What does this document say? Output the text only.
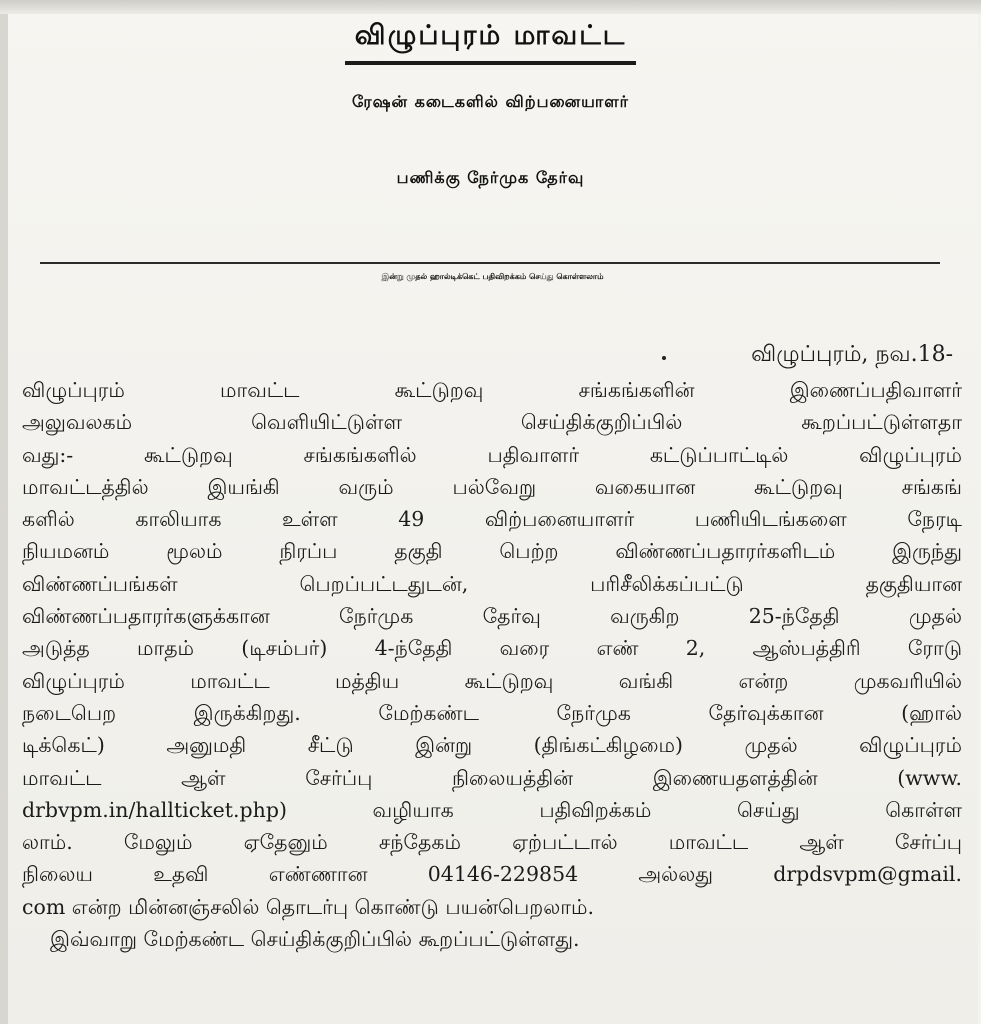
விழுப்புரம் மாவட்ட
ரேஷன் கடைகளில் விற்பனையாளர்
பணிக்கு நேர்முக தேர்வு
இன்று முதல் ஹால்டிக்கெட் பதிவிறக்கம் செய்து கொள்ளலாம்
விழுப்புரம், நவ.18-
விழுப்புரம் மாவட்ட கூட்டுறவு சங்கங்களின் இணைப்பதிவாளர்
அலுவலகம் வெளியிட்டுள்ள செய்திக்குறிப்பில் கூறப்பட்டுள்ளதா
வது:- கூட்டுறவு சங்கங்களில் பதிவாளர் கட்டுப்பாட்டில் விழுப்புரம்
மாவட்டத்தில் இயங்கி வரும் பல்வேறு வகையான கூட்டுறவு சங்கங்
களில் காலியாக உள்ள 49 விற்பனையாளர் பணியிடங்களை நேரடி
நியமனம் மூலம் நிரப்ப தகுதி பெற்ற விண்ணப்பதாரர்களிடம் இருந்து
விண்ணப்பங்கள் பெறப்பட்டதுடன், பரிசீலிக்கப்பட்டு தகுதியான
விண்ணப்பதாரர்களுக்கான நேர்முக தேர்வு வருகிற 25-ந்தேதி முதல்
அடுத்த மாதம் (டிசம்பர்) 4-ந்தேதி வரை எண் 2, ஆஸ்பத்திரி ரோடு
விழுப்புரம் மாவட்ட மத்திய கூட்டுறவு வங்கி என்ற முகவரியில்
நடைபெற இருக்கிறது. மேற்கண்ட நேர்முக தேர்வுக்கான (ஹால்
டிக்கெட்) அனுமதி சீட்டு இன்று (திங்கட்கிழமை) முதல் விழுப்புரம்
மாவட்ட ஆள் சேர்ப்பு நிலையத்தின் இணையதளத்தின் (www.
drbvpm.in/hallticket.php) வழியாக பதிவிறக்கம் செய்து கொள்ள
லாம். மேலும் ஏதேனும் சந்தேகம் ஏற்பட்டால் மாவட்ட ஆள் சேர்ப்பு
நிலைய உதவி எண்ணான 04146-229854 அல்லது drpdsvpm@gmail.
com என்ற மின்னஞ்சலில் தொடர்பு கொண்டு பயன்பெறலாம்.
இவ்வாறு மேற்கண்ட செய்திக்குறிப்பில் கூறப்பட்டுள்ளது.
